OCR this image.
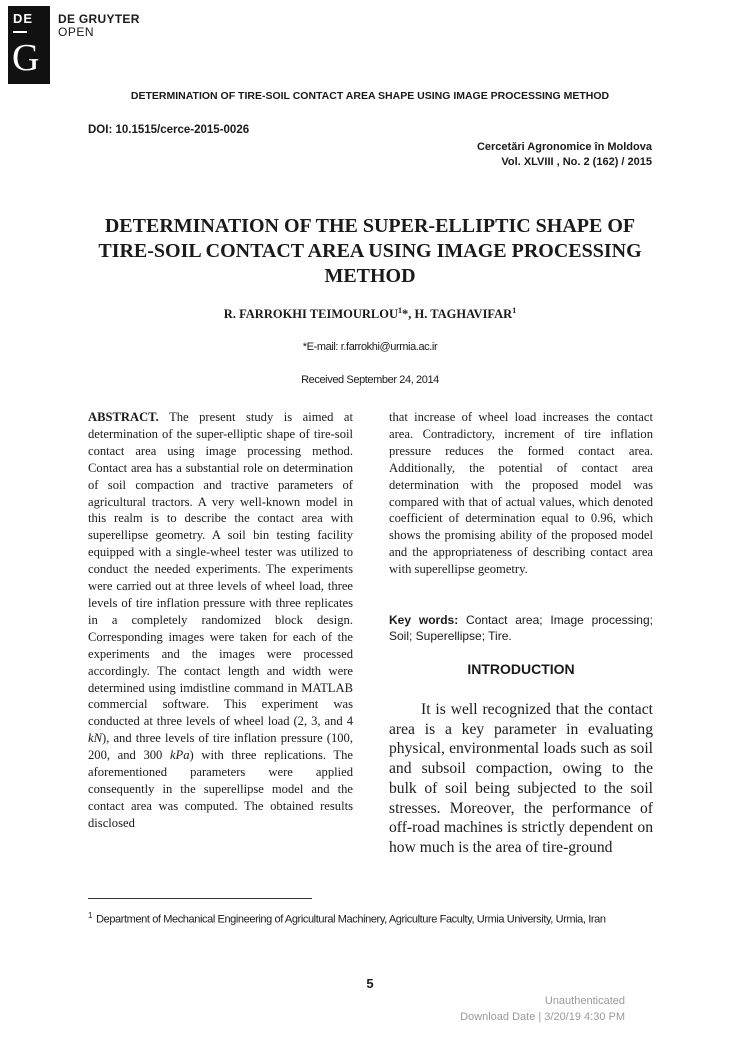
DE
G
DE GRUYTER
OPEN
DETERMINATION OF TIRE-SOIL CONTACT AREA SHAPE USING IMAGE PROCESSING METHOD
DOI: 10.1515/cerce-2015-0026
Cercetări Agronomice în Moldova
Vol. XLVIII , No. 2 (162) / 2015
DETERMINATION OF THE SUPER-ELLIPTIC SHAPE OF TIRE-SOIL CONTACT AREA USING IMAGE PROCESSING METHOD
R. FARROKHI TEIMOURLOU$^1$*, H. TAGHAVIFAR$^1$
*E-mail: r.farrokhi@urmia.ac.ir
Received September 24, 2014
ABSTRACT. The present study is aimed at determination of the super-elliptic shape of tire-soil contact area using image processing method. Contact area has a substantial role on determination of soil compaction and tractive parameters of agricultural tractors. A very well-known model in this realm is to describe the contact area with superellipse geometry. A soil bin testing facility equipped with a single-wheel tester was utilized to conduct the needed experiments. The experiments were carried out at three levels of wheel load, three levels of tire inflation pressure with three replicates in a completely randomized block design. Corresponding images were taken for each of the experiments and the images were processed accordingly. The contact length and width were determined using imdistline command in MATLAB commercial software. This experiment was conducted at three levels of wheel load (2, 3, and 4 kN), and three levels of tire inflation pressure (100, 200, and 300 kPa) with three replications. The aforementioned parameters were applied consequently in the superellipse model and the contact area was computed. The obtained results disclosed
that increase of wheel load increases the contact area. Contradictory, increment of tire inflation pressure reduces the formed contact area. Additionally, the potential of contact area determination with the proposed model was compared with that of actual values, which denoted coefficient of determination equal to 0.96, which shows the promising ability of the proposed model and the appropriateness of describing contact area with superellipse geometry.
Key words: Contact area; Image processing; Soil; Superellipse; Tire.
INTRODUCTION
It is well recognized that the contact area is a key parameter in evaluating physical, environmental loads such as soil and subsoil compaction, owing to the bulk of soil being subjected to the soil stresses. Moreover, the performance of off-road machines is strictly dependent on how much is the area of tire-ground
$^1$ Department of Mechanical Engineering of Agricultural Machinery, Agriculture Faculty, Urmia University, Urmia, Iran
5
Unauthenticated
Download Date | 3/20/19 4:30 PM
